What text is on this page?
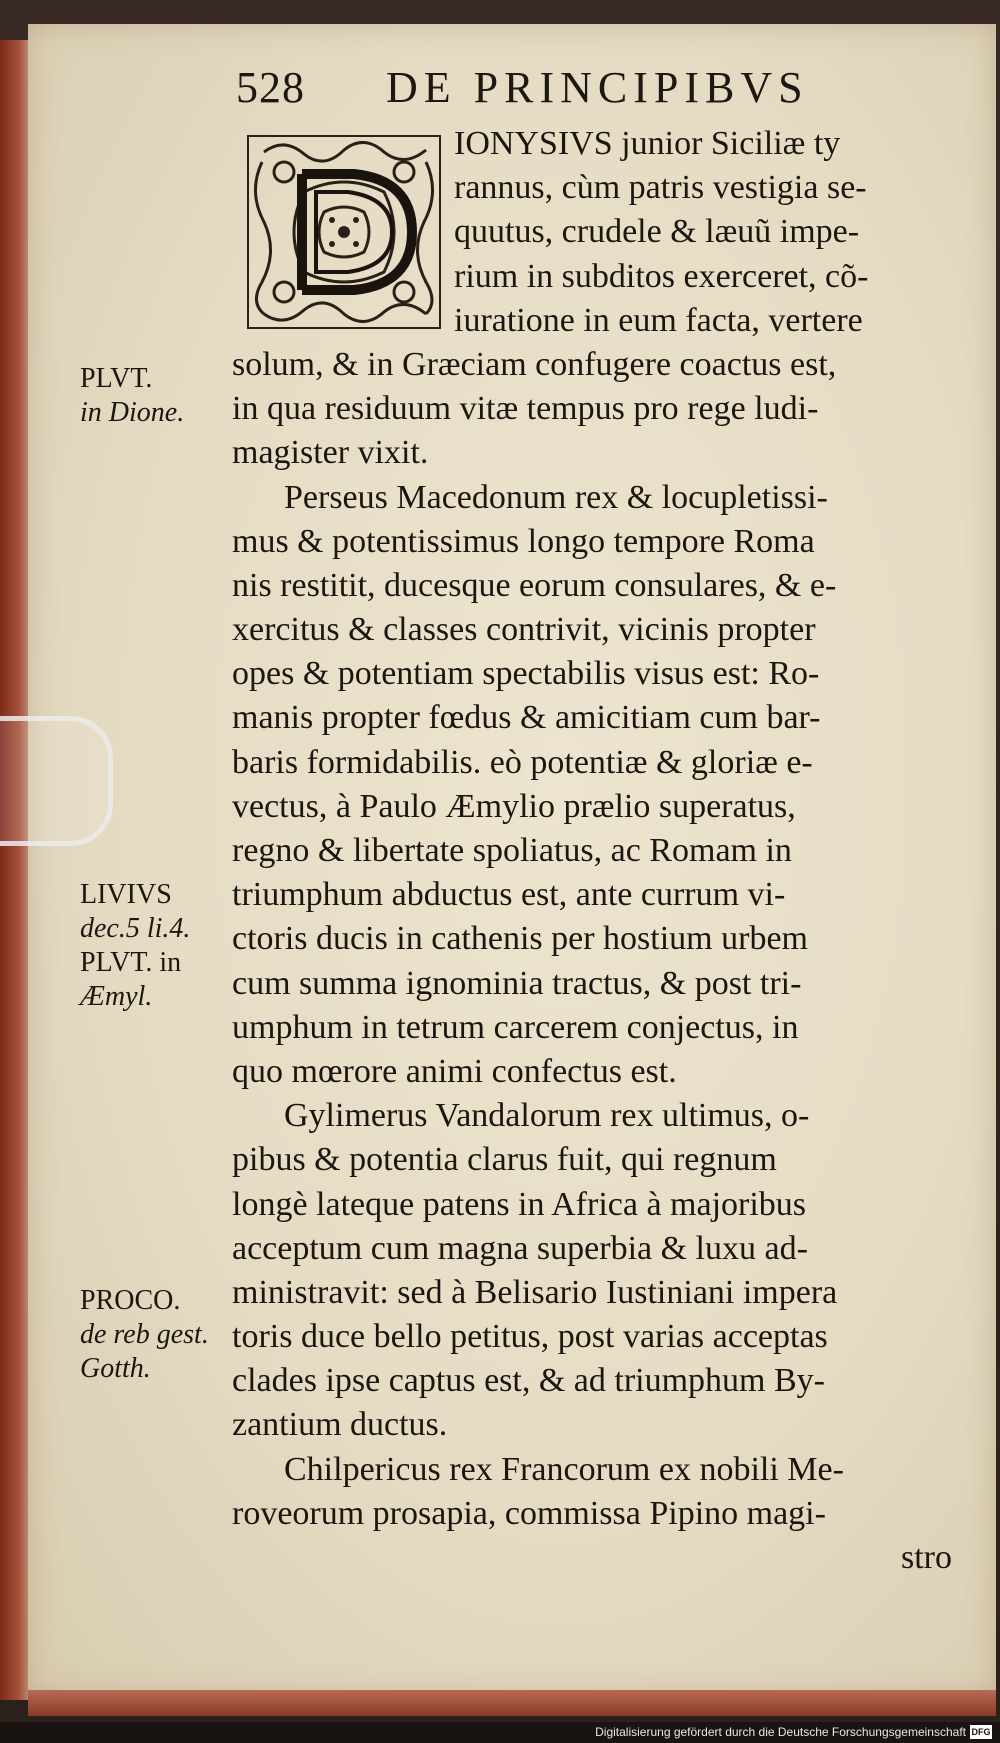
528 DE PRINCIPIBVS
IONYSIVS junior Siciliæ ty
rannus, cùm patris vestigia se-
quutus, crudele & læuũ impe-
rium in subditos exerceret, cõ-
iuratione in eum facta, vertere
solum, & in Græciam confugere coactus est,
in qua residuum vitæ tempus pro rege ludi-
magister vixit.
Perseus Macedonum rex & locupletissi-
mus & potentissimus longo tempore Roma
nis restitit, ducesque eorum consulares, & e-
xercitus & classes contrivit, vicinis propter
opes & potentiam spectabilis visus est: Ro-
manis propter fœdus & amicitiam cum bar-
baris formidabilis. eò potentiæ & gloriæ e-
vectus, à Paulo Æmylio prælio superatus,
regno & libertate spoliatus, ac Romam in
triumphum abductus est, ante currum vi-
ctoris ducis in cathenis per hostium urbem
cum summa ignominia tractus, & post tri-
umphum in tetrum carcerem conjectus, in
quo mœrore animi confectus est.
Gylimerus Vandalorum rex ultimus, o-
pibus & potentia clarus fuit, qui regnum
longè lateque patens in Africa à majoribus
acceptum cum magna superbia & luxu ad-
ministravit: sed à Belisario Iustiniani impera
toris duce bello petitus, post varias acceptas
clades ipse captus est, & ad triumphum By-
zantium ductus.
Chilpericus rex Francorum ex nobili Me-
roveorum prosapia, commissa Pipino magi-
stro
PLVT.
in Dione.
LIVIVS
dec.5 li.4.
PLVT. in
Æmyl.
PROCO.
de reb gest.
Gotth.
Digitalisierung gefördert durch die Deutsche Forschungsgemeinschaft DFG
